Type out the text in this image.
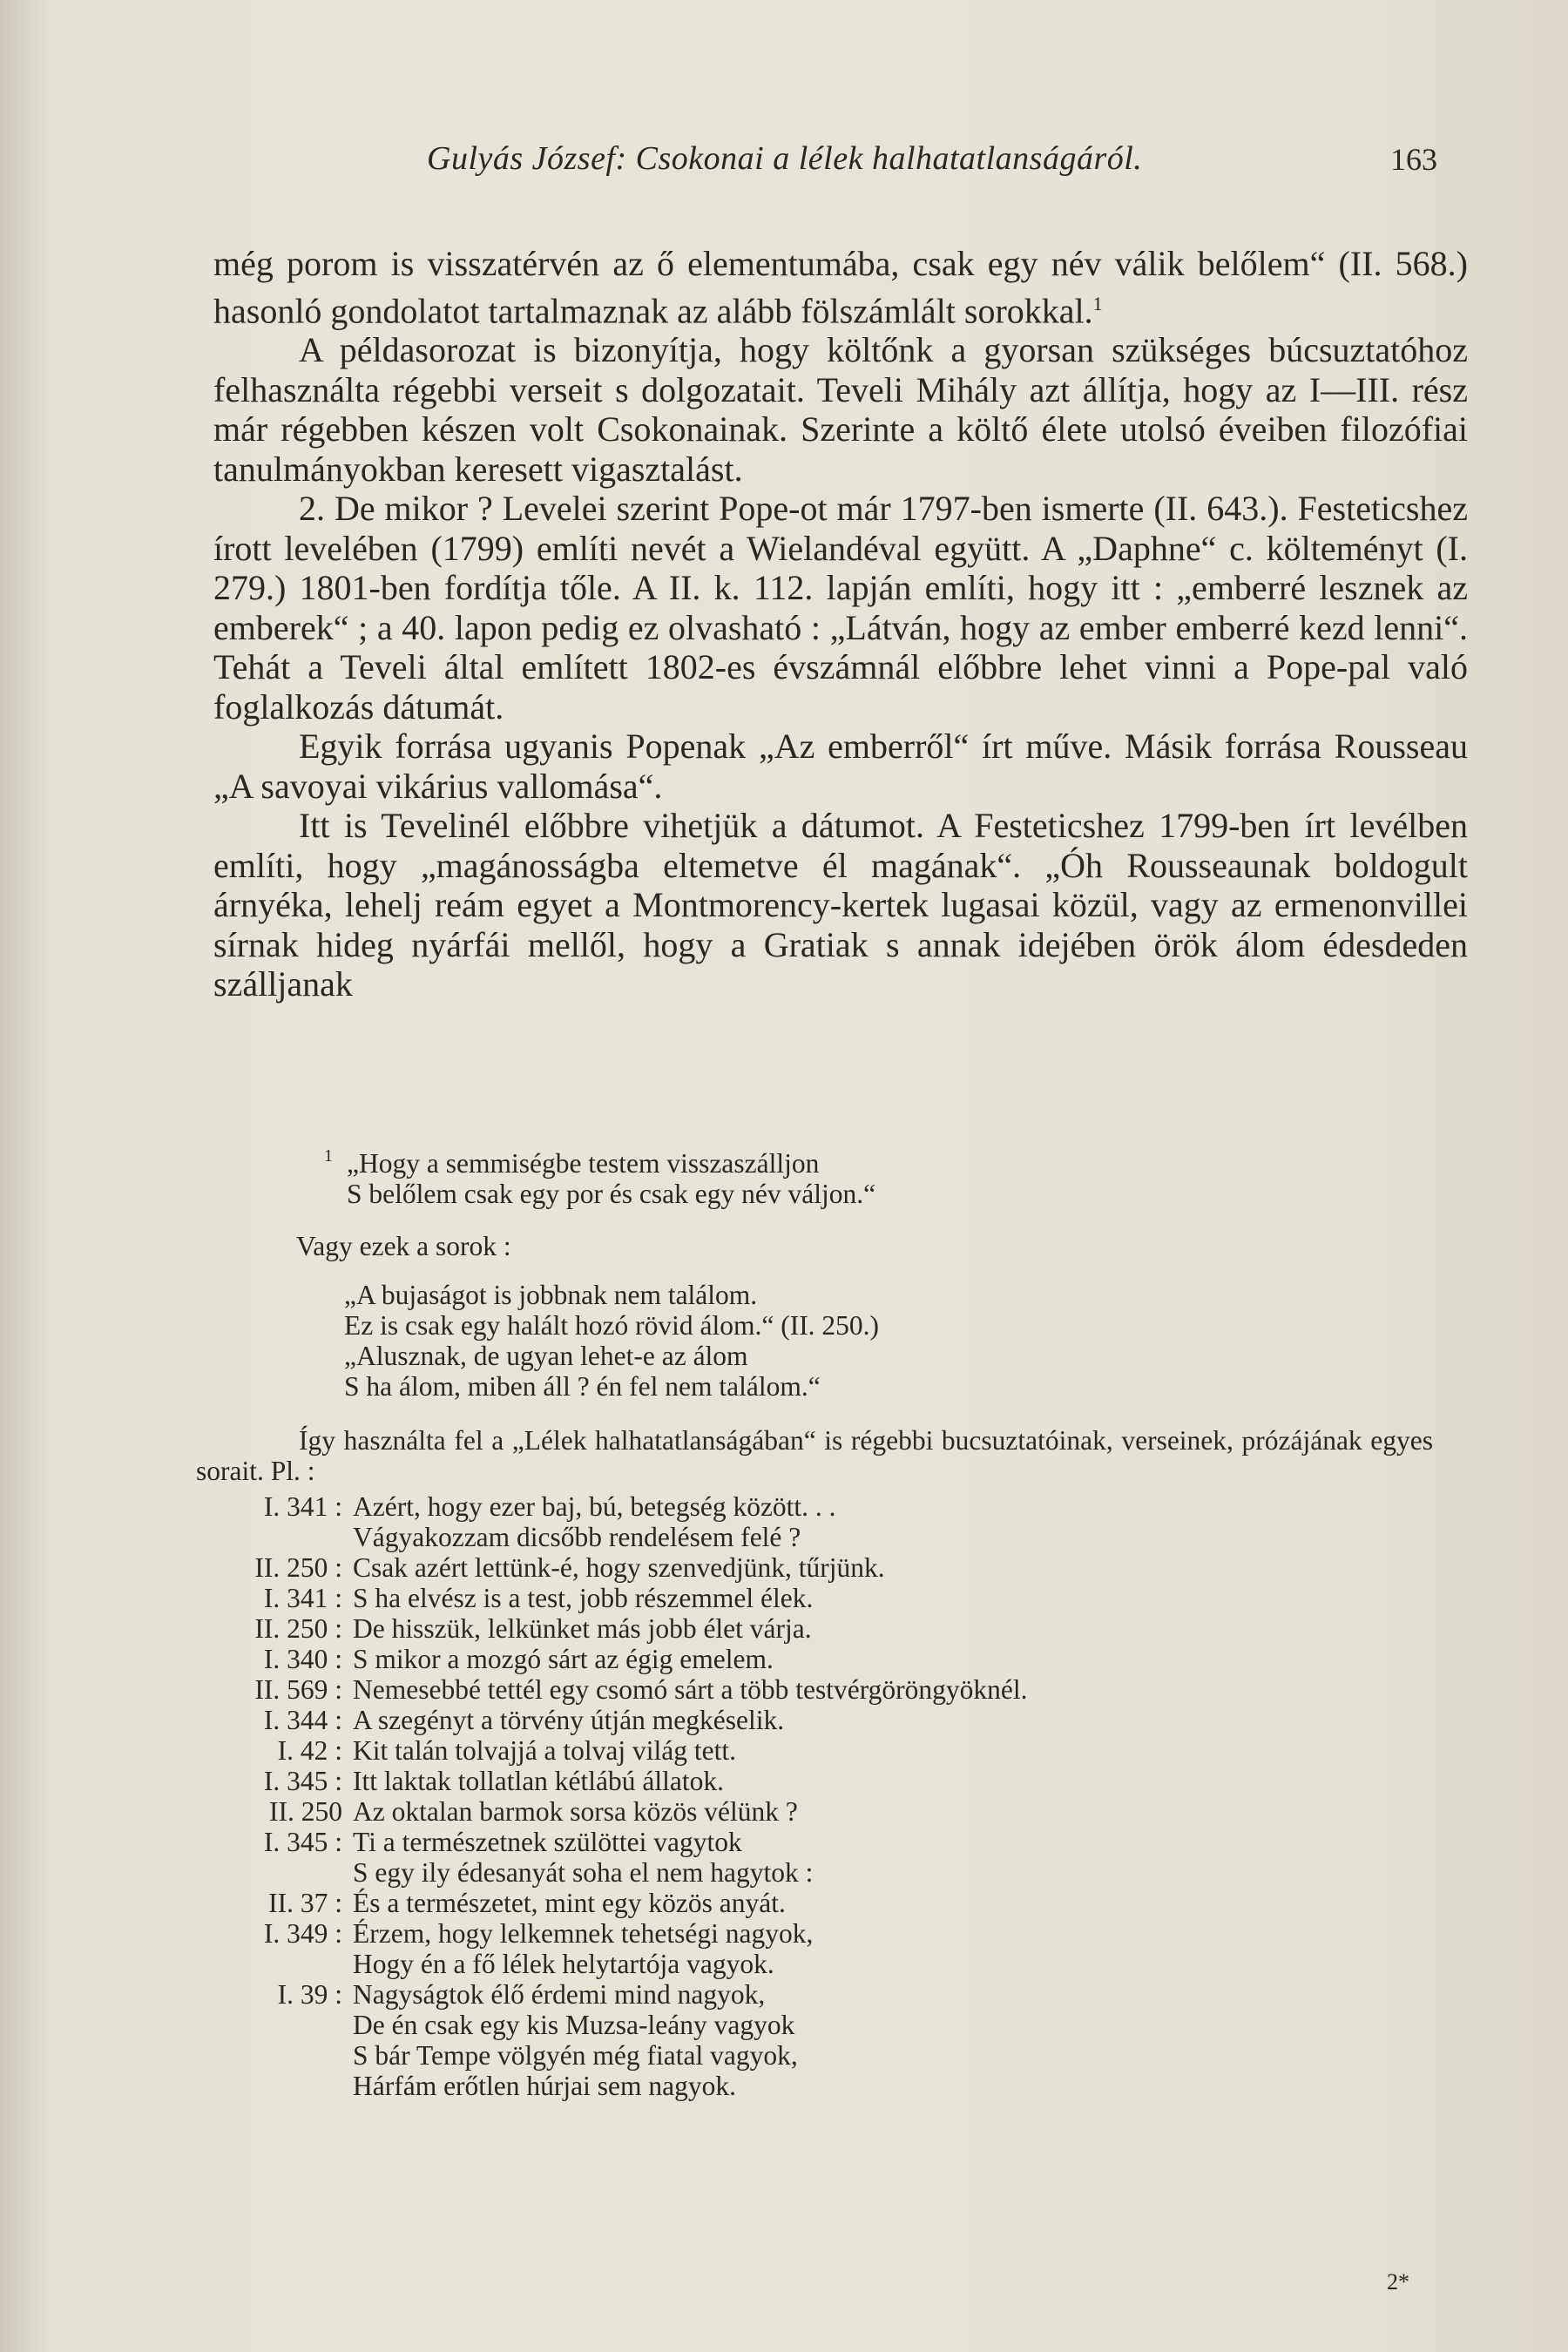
Gulyás József: Csokonai a lélek halhatatlanságáról.	163

még porom is visszatérvén az ő elementumába, csak egy név válik belőlem“ (II. 568.) hasonló gondolatot tartalmaznak az alább fölszámlált sorokkal.$^1$

A példasorozat is bizonyítja, hogy költőnk a gyorsan szükséges búcsuztatóhoz felhasználta régebbi verseit s dolgozatait. Teveli Mihály azt állítja, hogy az I—III. rész már régebben készen volt Csokonainak. Szerinte a költő élete utolsó éveiben filozófiai tanulmányokban keresett vigasztalást.

2. De mikor ? Levelei szerint Pope-ot már 1797-ben ismerte (II. 643.). Festeticshez írott levelében (1799) említi nevét a Wielandéval együtt. A „Daphne“ c. költeményt (I. 279.) 1801-ben fordítja tőle. A II. k. 112. lapján említi, hogy itt : „emberré lesznek az emberek“ ; a 40. lapon pedig ez olvasható : „Látván, hogy az ember emberré kezd lenni“. Tehát a Teveli által említett 1802-es évszámnál előbbre lehet vinni a Pope-pal való foglalkozás dátumát.

Egyik forrása ugyanis Popenak „Az emberről“ írt műve. Másik forrása Rousseau „A savoyai vikárius vallomása“.

Itt is Tevelinél előbbre vihetjük a dátumot. A Festeticshez 1799-ben írt levélben említi, hogy „magánosságba eltemetve él magának“. „Óh Rousseaunak boldogult árnyéka, lehelj reám egyet a Montmorency-kertek lugasai közül, vagy az ermenonvillei sírnak hideg nyárfái mellől, hogy a Gratiak s annak idejében örök álom édesdeden szálljanak

1 „Hogy a semmiségbe testem visszaszálljon
S belőlem csak egy por és csak egy név váljon.“
Vagy ezek a sorok :
„A bujaságot is jobbnak nem találom.
Ez is csak egy halált hozó rövid álom.“ (II. 250.)
„Alusznak, de ugyan lehet-e az álom
S ha álom, miben áll ? én fel nem találom.“
Így használta fel a „Lélek halhatatlanságában“ is régebbi bucsuztatóinak, verseinek, prózájának egyes sorait. Pl. :
I. 341 : Azért, hogy ezer baj, bú, betegség között. . .
Vágyakozzam dicsőbb rendelésem felé ?
II. 250 : Csak azért lettünk-é, hogy szenvedjünk, tűrjünk.
I. 341 : S ha elvész is a test, jobb részemmel élek.
II. 250 : De hisszük, lelkünket más jobb élet várja.
I. 340 : S mikor a mozgó sárt az égig emelem.
II. 569 : Nemesebbé tettél egy csomó sárt a több testvérgöröngyöknél.
I. 344 : A szegényt a törvény útján megkéselik.
I. 42 : Kit talán tolvajjá a tolvaj világ tett.
I. 345 : Itt laktak tollatlan kétlábú állatok.
II. 250 Az oktalan barmok sorsa közös vélünk ?
I. 345 : Ti a természetnek szülöttei vagytok
S egy ily édesanyát soha el nem hagytok :
II. 37 : És a természetet, mint egy közös anyát.
I. 349 : Érzem, hogy lelkemnek tehetségi nagyok,
Hogy én a fő lélek helytartója vagyok.
I. 39 : Nagyságtok élő érdemi mind nagyok,
De én csak egy kis Muzsa-leány vagyok
S bár Tempe völgyén még fiatal vagyok,
Hárfám erőtlen húrjai sem nagyok.
2*
